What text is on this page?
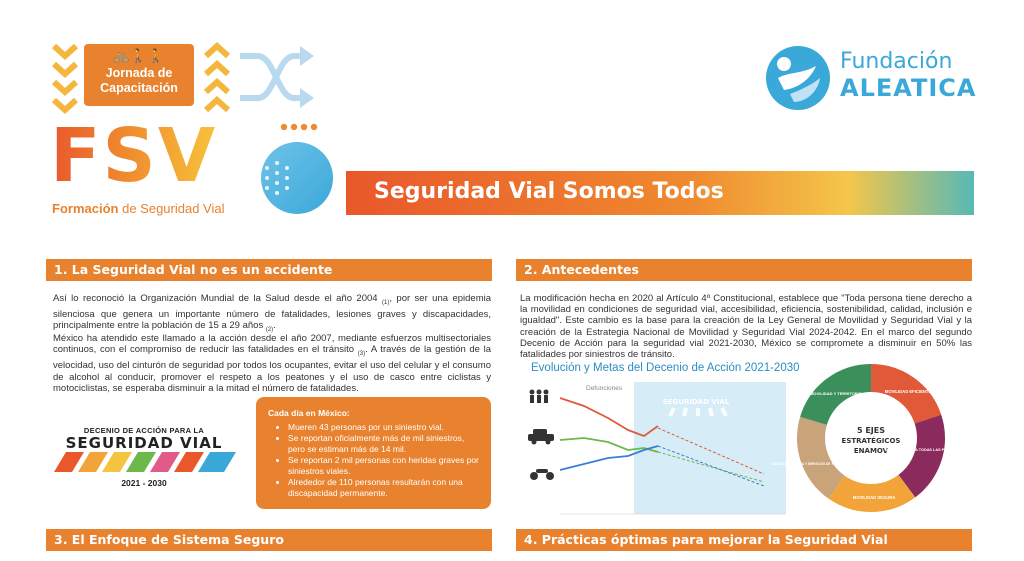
🚲🚶🚶
Jornada de
Capacitación
FSV
Formación de Seguridad Vial
Seguridad Vial Somos Todos
Fundación
ALEATICA
1. La Seguridad Vial no es un accidente
Así lo reconoció la Organización Mundial de la Salud desde el año 2004 $_{(1)}$, por ser una epidemia silenciosa que genera un importante número de fatalidades, lesiones graves y discapacidades, principalmente entre la población de 15 a 29 años $_{(2)}$.
México ha atendido este llamado a la acción desde el año 2007, mediante esfuerzos multisectoriales continuos, con el compromiso de reducir las fatalidades en el tránsito $_{(3)}$. A través de la gestión de la velocidad, uso del cinturón de seguridad por todos los ocupantes, evitar el uso del celular y el consumo de alcohol al conducir, promover el respeto a los peatones y el uso de casco entre ciclistas y motociclistas, se esperaba disminuir a la mitad el número de fatalidades.
DECENIO DE ACCIÓN PARA LA
SEGURIDAD VIAL
2021 - 2030
Cada día en México:
• Mueren 43 personas por un siniestro vial.
• Se reportan oficialmente más de mil siniestros, pero se estiman más de 14 mil.
• Se reportan 2 mil personas con heridas graves por siniestros viales.
• Alrededor de 110 personas resultarán con una discapacidad permanente.
2. Antecedentes
La modificación hecha en 2020 al Artículo 4º Constitucional, establece que "Toda persona tiene derecho a la movilidad en condiciones de seguridad vial, accesibilidad, eficiencia, sostenibilidad, calidad, inclusión e igualdad". Este cambio es la base para la creación de la Ley General de Movilidad y Seguridad Vial y la creación de la Estrategia Nacional de Movilidad y Seguridad Vial 2024-2042. En el marco del segundo Decenio de Acción para la seguridad vial 2021-2030, México se compromete a disminuir en 50% las fatalidades por siniestros de tránsito.
Evolución y Metas del Decenio de Acción 2021-2030
Defunciones
SEGURIDAD VIAL
5 EJES
ESTRATÉGICOS
ENAMOV
MOVILIDAD EFICIENTE
MOVILIDAD PARA TODAS LAS PERSONAS
MOVILIDAD SEGURA
MOVILIDAD URBANA Y SERVICIOS DE TRANSPORTE PÚBLICO
MOVILIDAD Y TERRITORIO
3. El Enfoque de Sistema Seguro	4. Prácticas óptimas para mejorar la Seguridad Vial
